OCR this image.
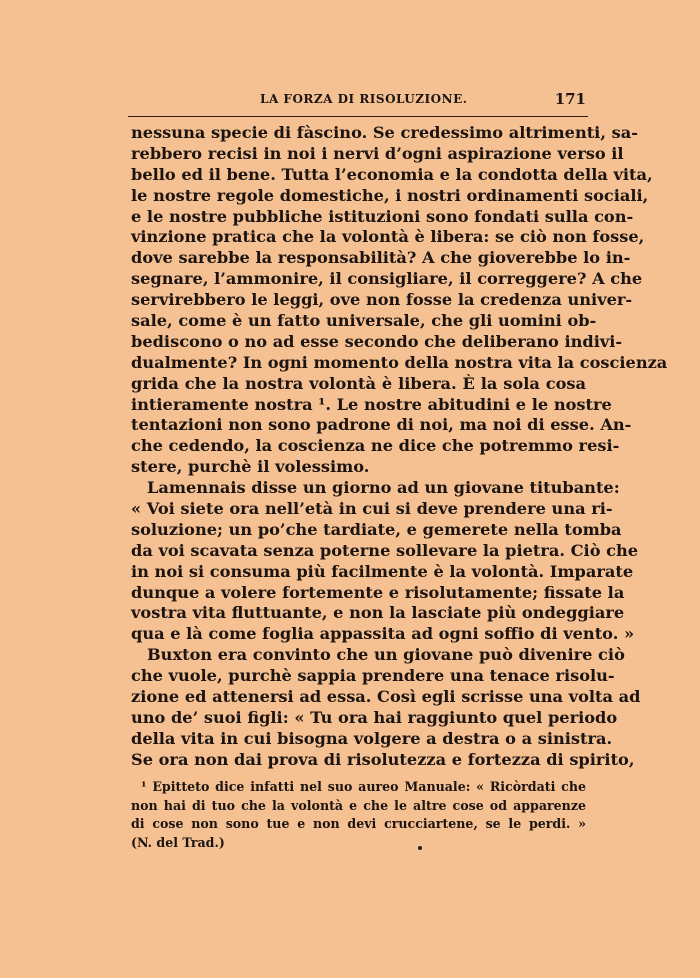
LA FORZA DI RISOLUZIONE.	171
nessuna specie di fàscino. Se credessimo altrimenti, sa-
rebbero recisi in noi i nervi d’ogni aspirazione verso il
bello ed il bene. Tutta l’economia e la condotta della vita,
le nostre regole domestiche, i nostri ordinamenti sociali,
e le nostre pubbliche istituzioni sono fondati sulla con-
vinzione pratica che la volontà è libera: se ciò non fosse,
dove sarebbe la responsabilità? A che gioverebbe lo in-
segnare, l’ammonire, il consigliare, il correggere? A che
servirebbero le leggi, ove non fosse la credenza univer-
sale, come è un fatto universale, che gli uomini ob-
bediscono o no ad esse secondo che deliberano indivi-
dualmente? In ogni momento della nostra vita la coscienza
grida che la nostra volontà è libera. È la sola cosa
intieramente nostra ¹. Le nostre abitudini e le nostre
tentazioni non sono padrone di noi, ma noi di esse. An-
che cedendo, la coscienza ne dice che potremmo resi-
stere, purchè il volessimo.
Lamennais disse un giorno ad un giovane titubante:
« Voi siete ora nell’età in cui si deve prendere una ri-
soluzione; un po’che tardiate, e gemerete nella tomba
da voi scavata senza poterne sollevare la pietra. Ciò che
in noi si consuma più facilmente è la volontà. Imparate
dunque a volere fortemente e risolutamente; fissate la
vostra vita fluttuante, e non la lasciate più ondeggiare
qua e là come foglia appassita ad ogni soffio di vento. »
Buxton era convinto che un giovane può divenire ciò
che vuole, purchè sappia prendere una tenace risolu-
zione ed attenersi ad essa. Così egli scrisse una volta ad
uno de’ suoi figli: « Tu ora hai raggiunto quel periodo
della vita in cui bisogna volgere a destra o a sinistra.
Se ora non dai prova di risolutezza e fortezza di spirito,
¹ Epitteto dice infatti nel suo aureo Manuale: « Ricòrdati che
non hai di tuo che la volontà e che le altre cose od apparenze
di cose non sono tue e non devi crucciartene, se le perdi. »
(N. del Trad.)
